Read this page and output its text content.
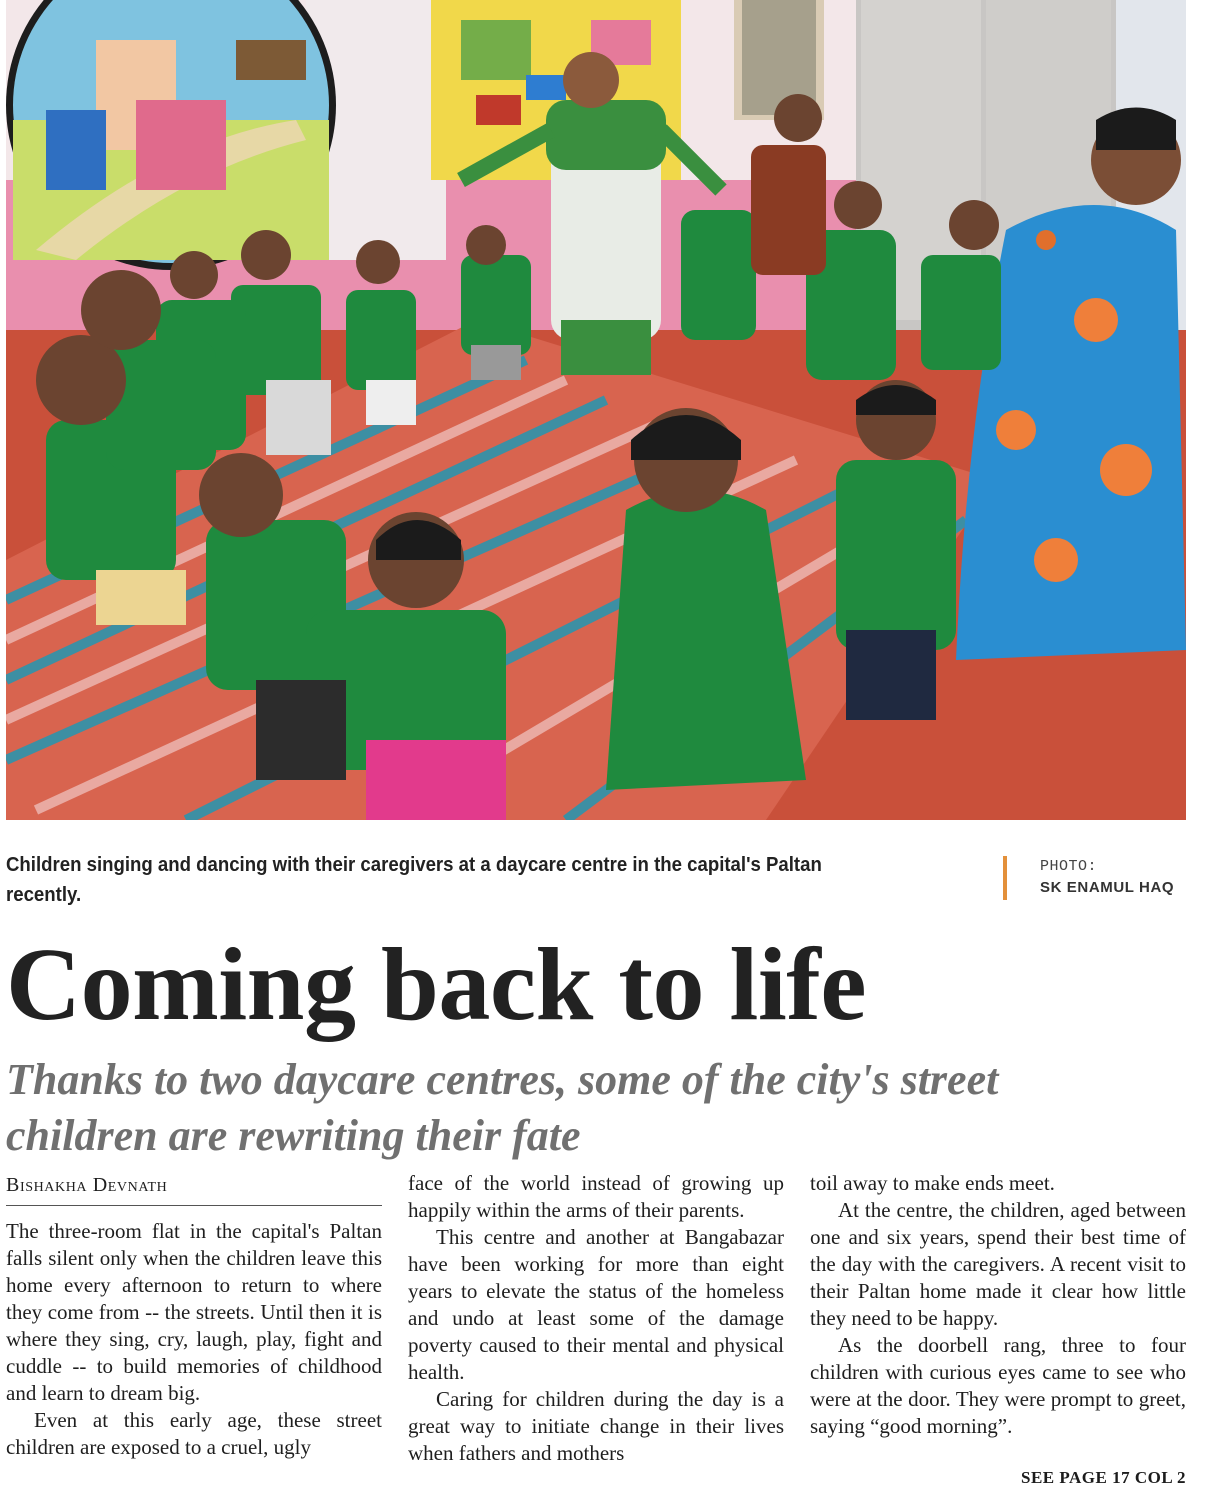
Children singing and dancing with their caregivers at a daycare centre in the capital's Paltan recently.
PHOTO:
SK ENAMUL HAQ
Coming back to life
Thanks to two daycare centres, some of the city's street children are rewriting their fate
Bishakha Devnath

The three-room flat in the capital's Paltan falls silent only when the children leave this home every afternoon to return to where they come from -- the streets. Until then it is where they sing, cry, laugh, play, fight and cuddle -- to build memories of childhood and learn to dream big.

Even at this early age, these street children are exposed to a cruel, ugly

face of the world instead of growing up happily within the arms of their parents.

This centre and another at Bangabazar have been working for more than eight years to elevate the status of the homeless and undo at least some of the damage poverty caused to their mental and physical health.

Caring for children during the day is a great way to initiate change in their lives when fathers and mothers

toil away to make ends meet.

At the centre, the children, aged between one and six years, spend their best time of the day with the caregivers. A recent visit to their Paltan home made it clear how little they need to be happy.

As the doorbell rang, three to four children with curious eyes came to see who were at the door. They were prompt to greet, saying “good morning”.

SEE PAGE 17 COL 2
